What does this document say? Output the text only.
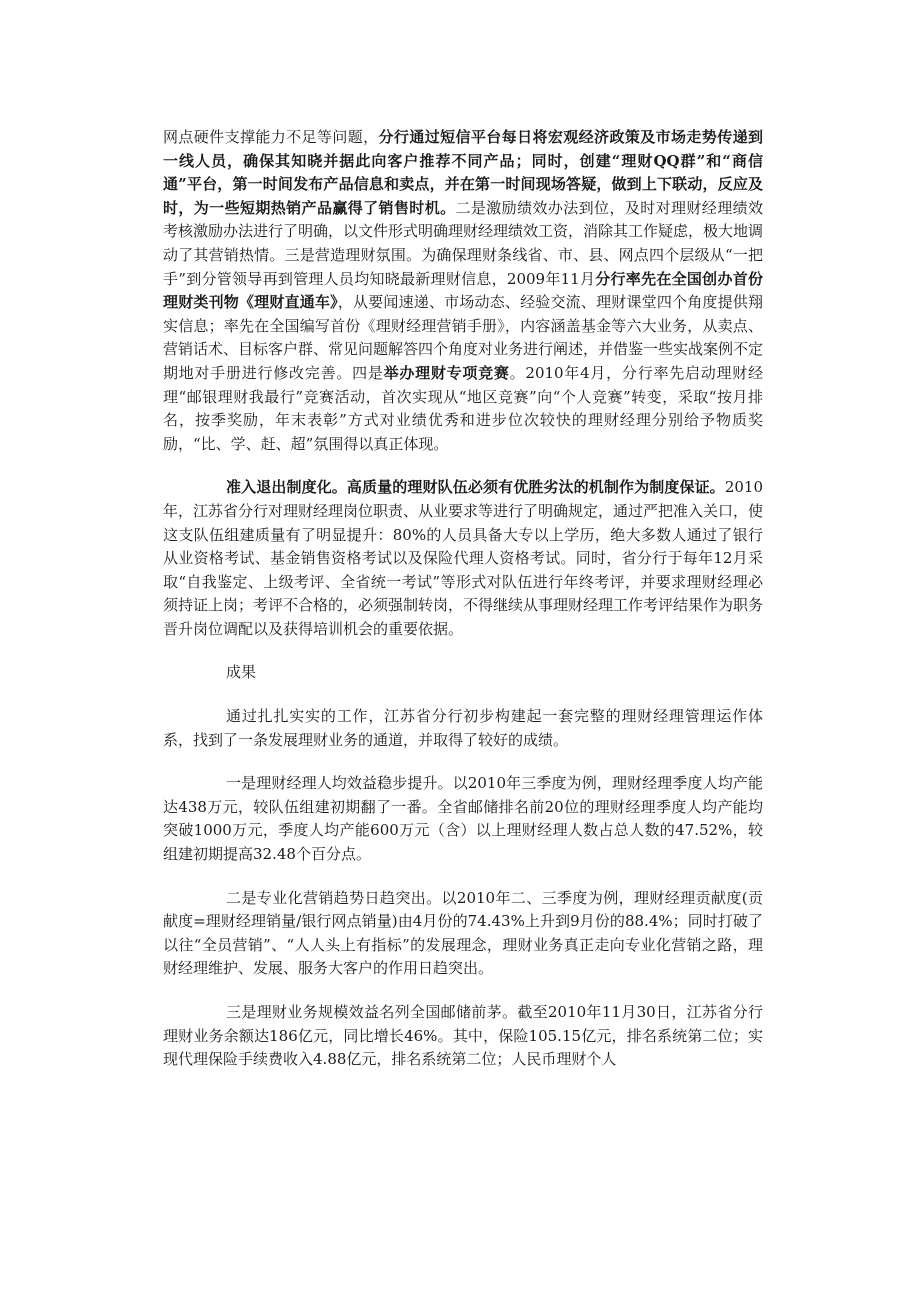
网点硬件支撑能力不足等问题，分行通过短信平台每日将宏观经济政策及市场走势传递到一线人员，确保其知晓并据此向客户推荐不同产品；同时，创建“理财QQ群”和“商信通”平台，第一时间发布产品信息和卖点，并在第一时间现场答疑，做到上下联动，反应及时，为一些短期热销产品赢得了销售时机。二是激励绩效办法到位，及时对理财经理绩效考核激励办法进行了明确，以文件形式明确理财经理绩效工资，消除其工作疑虑，极大地调动了其营销热情。三是营造理财氛围。为确保理财条线省、市、县、网点四个层级从“一把手”到分管领导再到管理人员均知晓最新理财信息，2009年11月分行率先在全国创办首份理财类刊物《理财直通车》，从要闻速递、市场动态、经验交流、理财课堂四个角度提供翔实信息；率先在全国编写首份《理财经理营销手册》，内容涵盖基金等六大业务，从卖点、营销话术、目标客户群、常见问题解答四个角度对业务进行阐述，并借鉴一些实战案例不定期地对手册进行修改完善。四是举办理财专项竞赛。2010年4月，分行率先启动理财经理“邮银理财我最行”竞赛活动，首次实现从“地区竞赛”向“个人竞赛”转变，采取“按月排名，按季奖励，年末表彰”方式对业绩优秀和进步位次较快的理财经理分别给予物质奖励，“比、学、赶、超”氛围得以真正体现。

准入退出制度化。高质量的理财队伍必须有优胜劣汰的机制作为制度保证。2010年，江苏省分行对理财经理岗位职责、从业要求等进行了明确规定，通过严把准入关口，使这支队伍组建质量有了明显提升：80%的人员具备大专以上学历，绝大多数人通过了银行从业资格考试、基金销售资格考试以及保险代理人资格考试。同时，省分行于每年12月采取“自我鉴定、上级考评、全省统一考试”等形式对队伍进行年终考评，并要求理财经理必须持证上岗；考评不合格的，必须强制转岗，不得继续从事理财经理工作考评结果作为职务晋升岗位调配以及获得培训机会的重要依据。

成果

通过扎扎实实的工作，江苏省分行初步构建起一套完整的理财经理管理运作体系，找到了一条发展理财业务的通道，并取得了较好的成绩。

一是理财经理人均效益稳步提升。以2010年三季度为例，理财经理季度人均产能达438万元，较队伍组建初期翻了一番。全省邮储排名前20位的理财经理季度人均产能均突破1000万元，季度人均产能600万元（含）以上理财经理人数占总人数的47.52%，较组建初期提高32.48个百分点。

二是专业化营销趋势日趋突出。以2010年二、三季度为例，理财经理贡献度(贡献度=理财经理销量/银行网点销量)由4月份的74.43%上升到9月份的88.4%；同时打破了以往“全员营销”、“人人头上有指标”的发展理念，理财业务真正走向专业化营销之路，理财经理维护、发展、服务大客户的作用日趋突出。

三是理财业务规模效益名列全国邮储前茅。截至2010年11月30日，江苏省分行理财业务余额达186亿元，同比增长46%。其中，保险105.15亿元，排名系统第二位；实现代理保险手续费收入4.88亿元，排名系统第二位；人民币理财个人
